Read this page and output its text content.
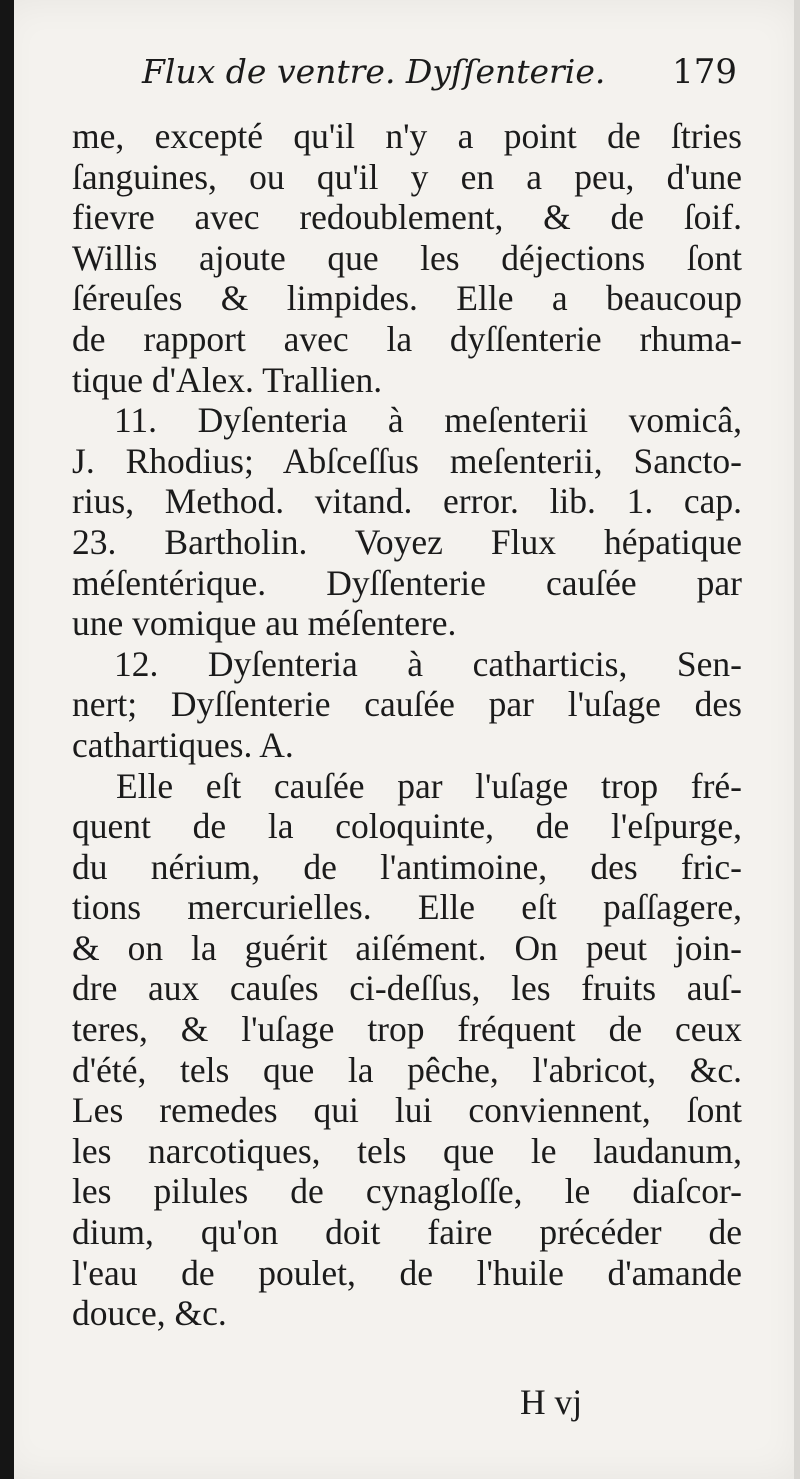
Flux de ventre. Dyſſenterie. 179
me, excepté qu'il n'y a point de ſtries
ſanguines, ou qu'il y en a peu, d'une
fievre avec redoublement, & de ſoif.
Willis ajoute que les déjections ſont
ſéreuſes & limpides. Elle a beaucoup
de rapport avec la dyſſenterie rhuma-
tique d'Alex. Trallien.
11. Dyſenteria à meſenterii vomicâ,
J. Rhodius; Abſceſſus meſenterii, Sancto-
rius, Method. vitand. error. lib. 1. cap.
23. Bartholin. Voyez Flux hépatique
méſentérique. Dyſſenterie cauſée par
une vomique au méſentere.
12. Dyſenteria à catharticis, Sen-
nert; Dyſſenterie cauſée par l'uſage des
cathartiques. A.
Elle eſt cauſée par l'uſage trop fré-
quent de la coloquinte, de l'eſpurge,
du nérium, de l'antimoine, des fric-
tions mercurielles. Elle eſt paſſagere,
& on la guérit aiſément. On peut join-
dre aux cauſes ci-deſſus, les fruits auſ-
teres, & l'uſage trop fréquent de ceux
d'été, tels que la pêche, l'abricot, &c.
Les remedes qui lui conviennent, ſont
les narcotiques, tels que le laudanum,
les pilules de cynagloſſe, le diaſcor-
dium, qu'on doit faire précéder de
l'eau de poulet, de l'huile d'amande
douce, &c.
H vj
